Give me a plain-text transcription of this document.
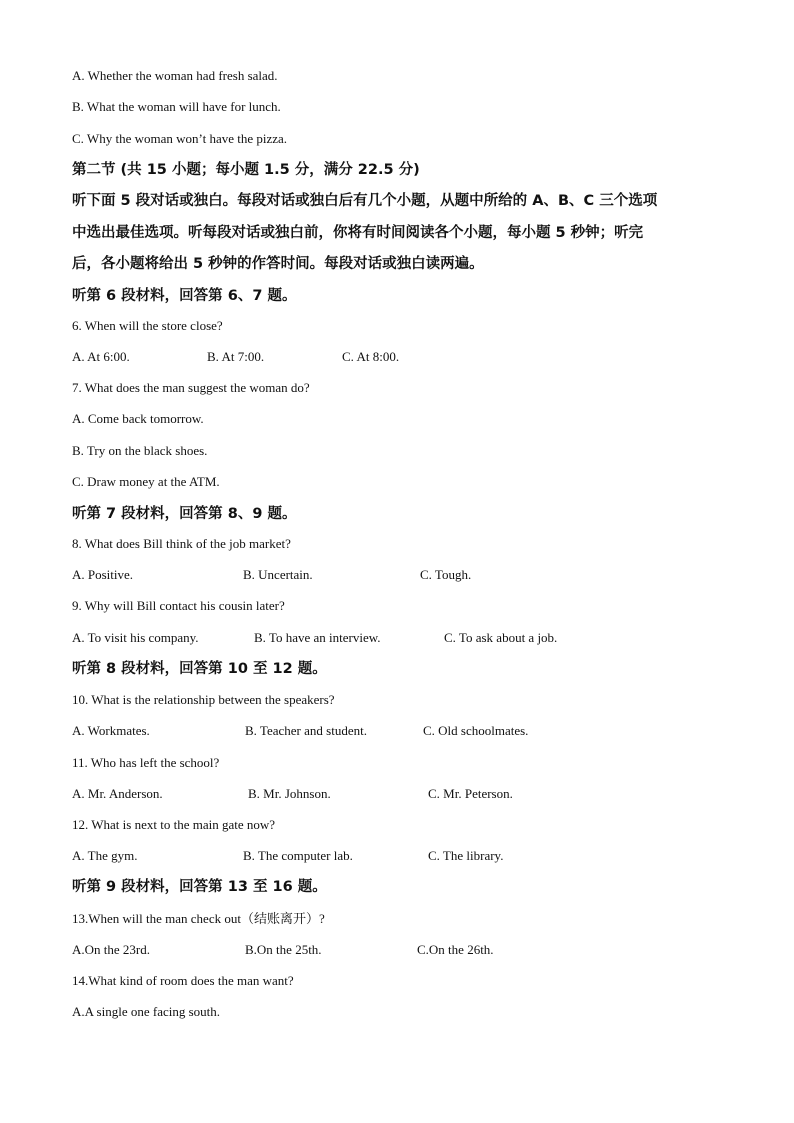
A. Whether the woman had fresh salad.
B. What the woman will have for lunch.
C. Why the woman won’t have the pizza.
第二节 (共 15 小题；每小题 1.5 分，满分 22.5 分)
听下面 5 段对话或独白。每段对话或独白后有几个小题，从题中所给的 A、B、C 三个选项
中选出最佳选项。听每段对话或独白前，你将有时间阅读各个小题，每小题 5 秒钟；听完
后，各小题将给出 5 秒钟的作答时间。每段对话或独白读两遍。
听第 6 段材料，回答第 6、7 题。
6. When will the store close?
A. At 6:00.	B. At 7:00.	C. At 8:00.
7. What does the man suggest the woman do?
A. Come back tomorrow.
B. Try on the black shoes.
C. Draw money at the ATM.
听第 7 段材料，回答第 8、9 题。
8. What does Bill think of the job market?
A. Positive.	B. Uncertain.	C. Tough.
9. Why will Bill contact his cousin later?
A. To visit his company.	B. To have an interview.	C. To ask about a job.
听第 8 段材料，回答第 10 至 12 题。
10. What is the relationship between the speakers?
A. Workmates.	B. Teacher and student.	C. Old schoolmates.
11. Who has left the school?
A. Mr. Anderson.	B. Mr. Johnson.	C. Mr. Peterson.
12. What is next to the main gate now?
A. The gym.	B. The computer lab.	C. The library.
听第 9 段材料，回答第 13 至 16 题。
13.When will the man check out（结账离开）?
A.On the 23rd.	B.On the 25th.	C.On the 26th.
14.What kind of room does the man want?
A.A single one facing south.
